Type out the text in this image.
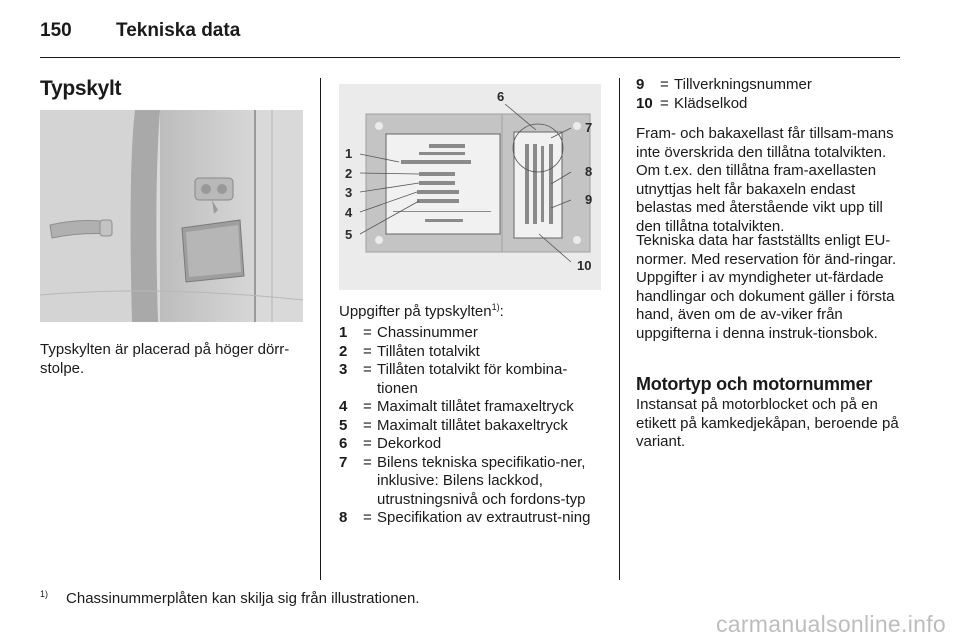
150 Tekniska data
Typskylt
Typskylten är placerad på höger dörr-stolpe.
1
2
3
4
5
6
7
8
9
10
Uppgifter på typskylten$^{1)}$:
1	= Chassinummer
2	= Tillåten totalvikt
3	= Tillåten totalvikt för kombina-tionen
4	= Maximalt tillåtet framaxeltryck
5	= Maximalt tillåtet bakaxeltryck
6	= Dekorkod
7	= Bilens tekniska specifikatio-ner, inklusive: Bilens lackkod, utrustningsnivå och fordons-typ
8	= Specifikation av extrautrust-ning
9	= Tillverkningsnummer
10 = Klädselkod
Fram- och bakaxellast får tillsam-mans inte överskrida den tillåtna totalvikten. Om t.ex. den tillåtna fram-axellasten utnyttjas helt får bakaxeln endast belastas med återstående vikt upp till den tillåtna totalvikten.
Tekniska data har fastställts enligt EU-normer. Med reservation för änd-ringar. Uppgifter i av myndigheter ut-färdade handlingar och dokument gäller i första hand, även om de av-viker från uppgifterna i denna instruk-tionsbok.
Motortyp och motornummer
Instansat på motorblocket och på en etikett på kamkedjekåpan, beroende på variant.
$^{1)}$ Chassinummerplåten kan skilja sig från illustrationen.
carmanualsonline.info
